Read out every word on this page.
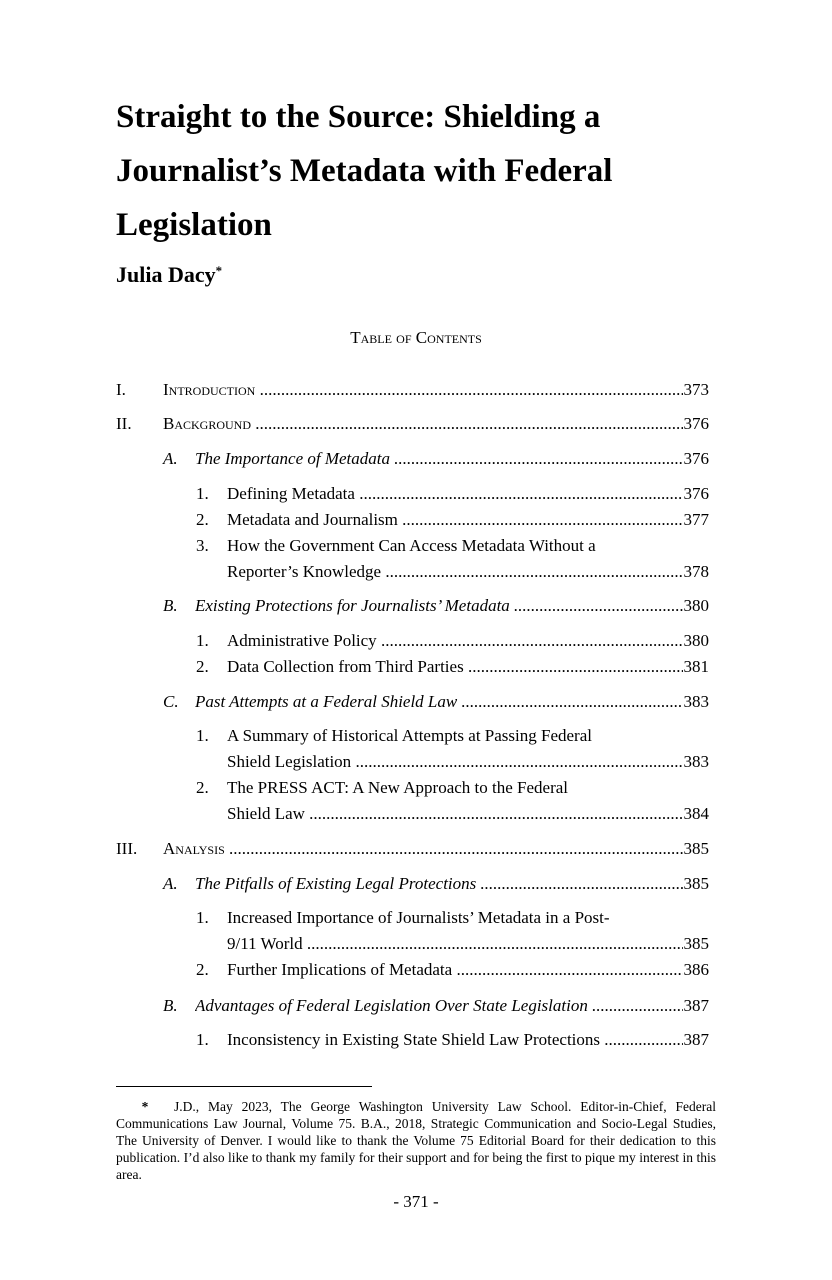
Straight to the Source: Shielding a
Journalist’s Metadata with Federal
Legislation

Julia Dacy*

Table of Contents
I. Introduction .....	373
II. Background .....	376
A. The Importance of Metadata .....	376
1. Defining Metadata .....	376
2. Metadata and Journalism .....	377
3. How the Government Can Access Metadata Without a
Reporter’s Knowledge .....	378
B. Existing Protections for Journalists’ Metadata .....	380
1. Administrative Policy .....	380
2. Data Collection from Third Parties .....	381
C. Past Attempts at a Federal Shield Law .....	383
1. A Summary of Historical Attempts at Passing Federal
Shield Legislation .....	383
2. The PRESS ACT: A New Approach to the Federal
Shield Law .....	384
III. Analysis .....	385
A. The Pitfalls of Existing Legal Protections .....	385
1. Increased Importance of Journalists’ Metadata in a Post-
9/11 World .....	385
2. Further Implications of Metadata .....	386
B. Advantages of Federal Legislation Over State Legislation .....	387
1. Inconsistency in Existing State Shield Law Protections .....	387
* J.D., May 2023, The George Washington University Law School. Editor-in-Chief, Federal Communications Law Journal, Volume 75. B.A., 2018, Strategic Communication and Socio-Legal Studies, The University of Denver. I would like to thank the Volume 75 Editorial Board for their dedication to this publication. I’d also like to thank my family for their support and for being the first to pique my interest in this area.
- 371 -
